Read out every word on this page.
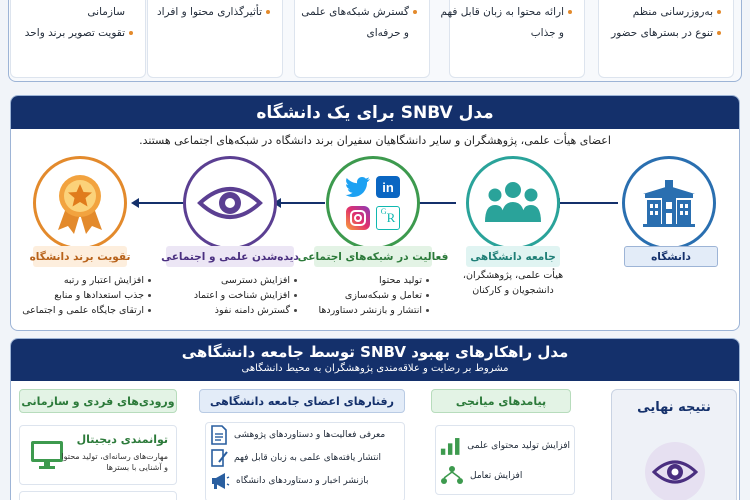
به‌روزرسانی منظم
تنوع در بسترهای حضور
ارائه محتوا به زبان قابل فهم
و جذاب
گسترش شبکه‌های علمی
و حرفه‌ای
تأثیرگذاری محتوا و افراد
سازمانی
تقویت تصویر برند واحد
مدل SNBV برای یک دانشگاه
اعضای هیأت علمی، پژوهشگران و سایر دانشگاهیان سفیران برند دانشگاه در شبکه‌های اجتماعی هستند.
دانشگاه
جامعه دانشگاهی
هیأت علمی، پژوهشگران،
دانشجویان و کارکنان
in
R
G
فعالیت در شبکه‌های اجتماعی
تولید محتوا
تعامل و شبکه‌سازی
انتشار و بازنشر دستاوردها
دیده‌شدن علمی و اجتماعی
افزایش دسترسی
افزایش شناخت و اعتماد
گسترش دامنه نفوذ
تقویت برند دانشگاه
افزایش اعتبار و رتبه
جذب استعدادها و منابع
ارتقای جایگاه علمی و اجتماعی
مدل راهکارهای بهبود SNBV توسط جامعه دانشگاهی
مشروط بر رضایت و علاقه‌مندی پژوهشگران به محیط دانشگاهی
نتیجه نهایی
پیامدهای میانجی
افزایش تولید محتوای علمی
افزایش تعامل
رفتارهای اعضای جامعه دانشگاهی
معرفی فعالیت‌ها و دستاوردهای پژوهشی
انتشار یافته‌های علمی به زبان قابل فهم
بازنشر اخبار و دستاوردهای دانشگاه
ورودی‌های فردی و سازمانی
توانمندی دیجیتال
مهارت‌های رسانه‌ای، تولید محتوا
و آشنایی با بسترها
